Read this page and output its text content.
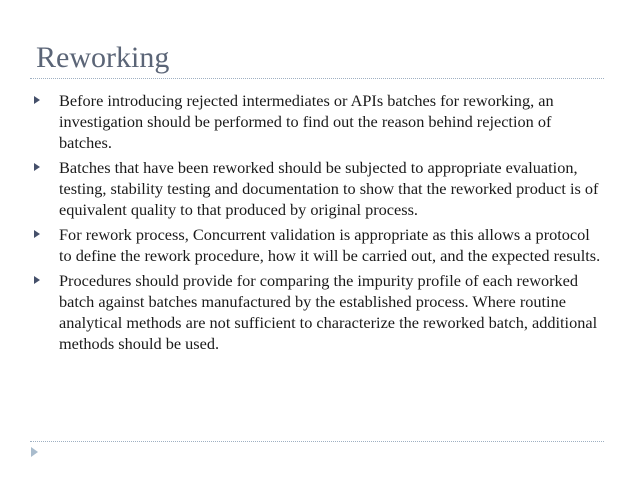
Reworking
Before introducing rejected intermediates or APIs batches for reworking, an investigation should be performed to find out the reason behind rejection of batches.
Batches that have been reworked should be subjected to appropriate evaluation, testing, stability testing and documentation to show that the reworked product is of equivalent quality to that produced by original process.
For rework process, Concurrent validation is appropriate as this allows a protocol to define the rework procedure, how it will be carried out, and the expected results.
Procedures should provide for comparing the impurity profile of each reworked batch against batches manufactured by the established process. Where routine analytical methods are not sufficient to characterize the reworked batch, additional methods should be used.
